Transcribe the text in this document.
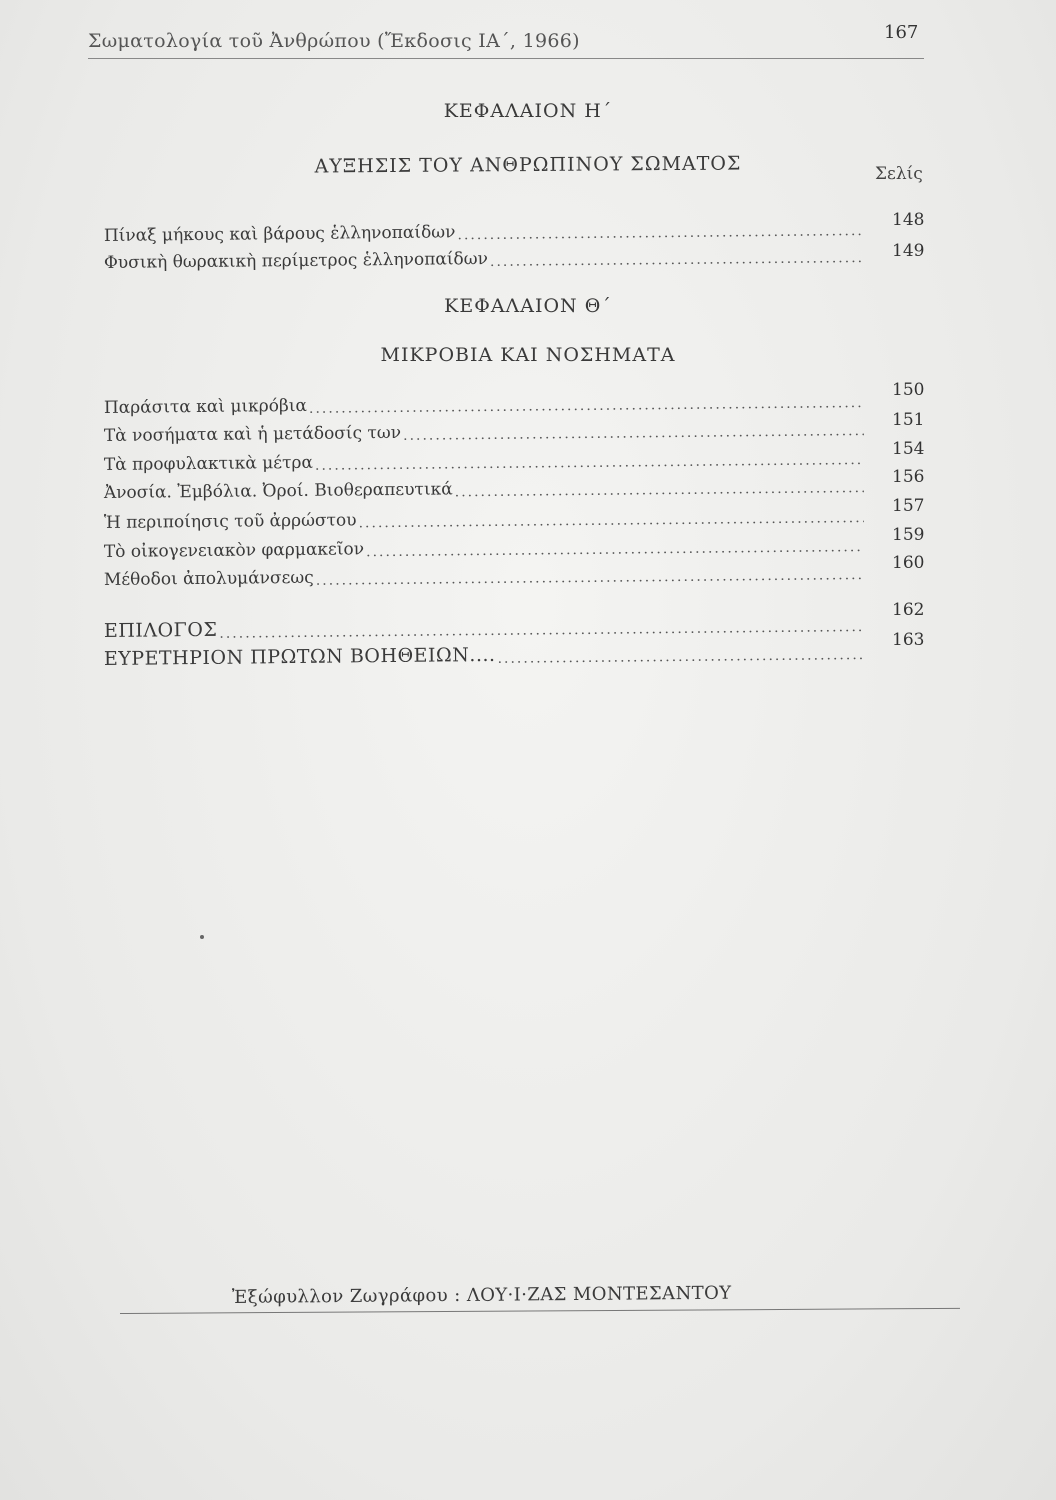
Σωματολογία τοῦ Ἀνθρώπου (Ἔκδοσις ΙΑ΄, 1966)	167
ΚΕΦΑΛΑΙΟΝ Η΄
ΑΥΞΗΣΙΣ ΤΟΥ ΑΝΘΡΩΠΙΝΟΥ ΣΩΜΑΤΟΣ	Σελίς
Πίναξ μήκους καὶ βάρους ἑλληνοπαίδων
.....
148
Φυσικὴ θωρακικὴ περίμετρος ἑλληνοπαίδων
.....	149
ΚΕΦΑΛΑΙΟΝ Θ΄
ΜΙΚΡΟΒΙΑ ΚΑΙ ΝΟΣΗΜΑΤΑ
Παράσιτα καὶ μικρόβια
.....
150
Τὰ νοσήματα καὶ ἡ μετάδοσίς των
.....
151
Τὰ προφυλακτικὰ μέτρα
.....
154
Ἀνοσία. Ἐμβόλια. Ὀροί. Βιοθεραπευτικά
.....
156
Ἡ περιποίησις τοῦ ἀρρώστου
.....
157
Τὸ οἰκογενειακὸν φαρμακεῖον
.....
159
Μέθοδοι ἀπολυμάνσεως
.....
160
ΕΠΙΛΟΓΟΣ
.....
162
ΕΥΡΕΤΗΡΙΟΝ ΠΡΩΤΩΝ ΒΟΗΘΕΙΩΝ....
.....
163
Ἐξώφυλλον Ζωγράφου : ΛΟΥ·Ι·ΖΑΣ ΜΟΝΤΕΣΑΝΤΟΥ
